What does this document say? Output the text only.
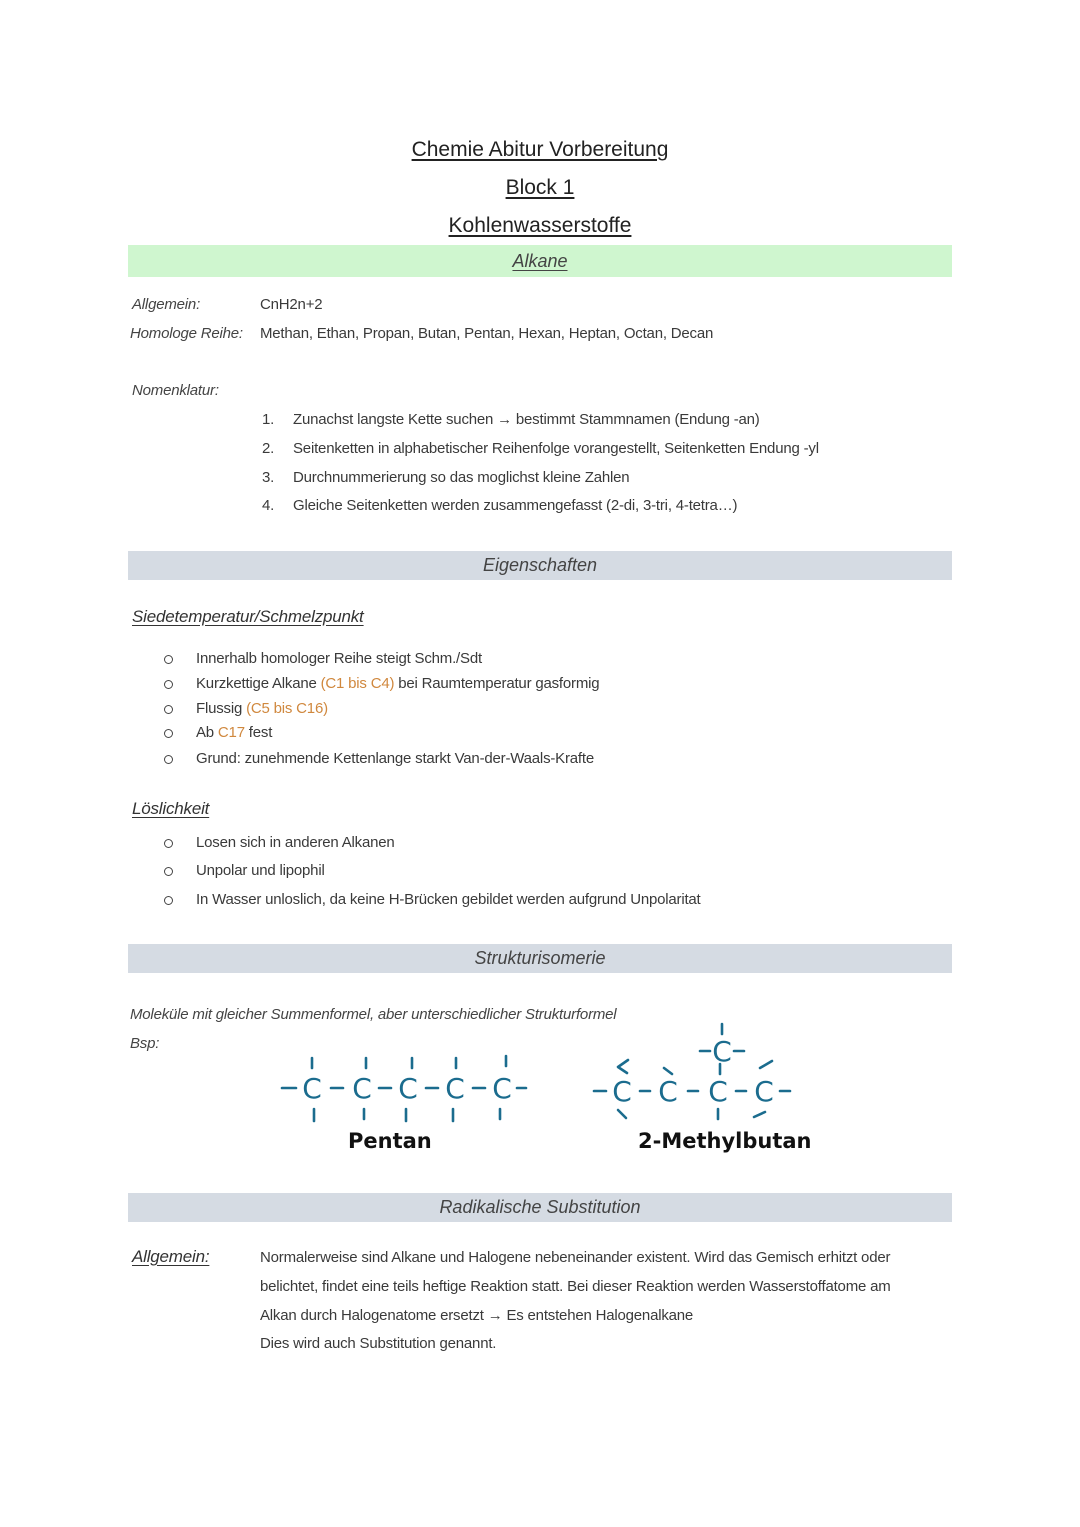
Chemie Abitur Vorbereitung
Block 1
Kohlenwasserstoffe
Alkane
Allgemein:	CnH2n+2
Homologe Reihe: Methan, Ethan, Propan, Butan, Pentan, Hexan, Heptan, Octan, Decan
Nomenklatur:
1. Zunachst langste Kette suchen → bestimmt Stammnamen (Endung -an)
2. Seitenketten in alphabetischer Reihenfolge vorangestellt, Seitenketten Endung -yl
3. Durchnummerierung so das moglichst kleine Zahlen
4. Gleiche Seitenketten werden zusammengefasst (2-di, 3-tri, 4-tetra…)
Eigenschaften
Siedetemperatur/Schmelzpunkt
Innerhalb homologer Reihe steigt Schm./Sdt
Kurzkettige Alkane (C1 bis C4) bei Raumtemperatur gasformig
Flussig (C5 bis C16)
Ab C17 fest
Grund: zunehmende Kettenlange starkt Van-der-Waals-Krafte
Löslichkeit
Losen sich in anderen Alkanen
Unpolar und lipophil
In Wasser unloslich, da keine H-Brücken gebildet werden aufgrund Unpolaritat
Strukturisomerie
Moleküle mit gleicher Summenformel, aber unterschiedlicher Strukturformel
Bsp:
C C C C C
Pentan
C
C C C C
2-Methylbutan
Radikalische Substitution
Allgemein:	Normalerweise sind Alkane und Halogene nebeneinander existent. Wird das Gemisch erhitzt oder
belichtet, findet eine teils heftige Reaktion statt. Bei dieser Reaktion werden Wasserstoffatome am
Alkan durch Halogenatome ersetzt → Es entstehen Halogenalkane
Dies wird auch Substitution genannt.
